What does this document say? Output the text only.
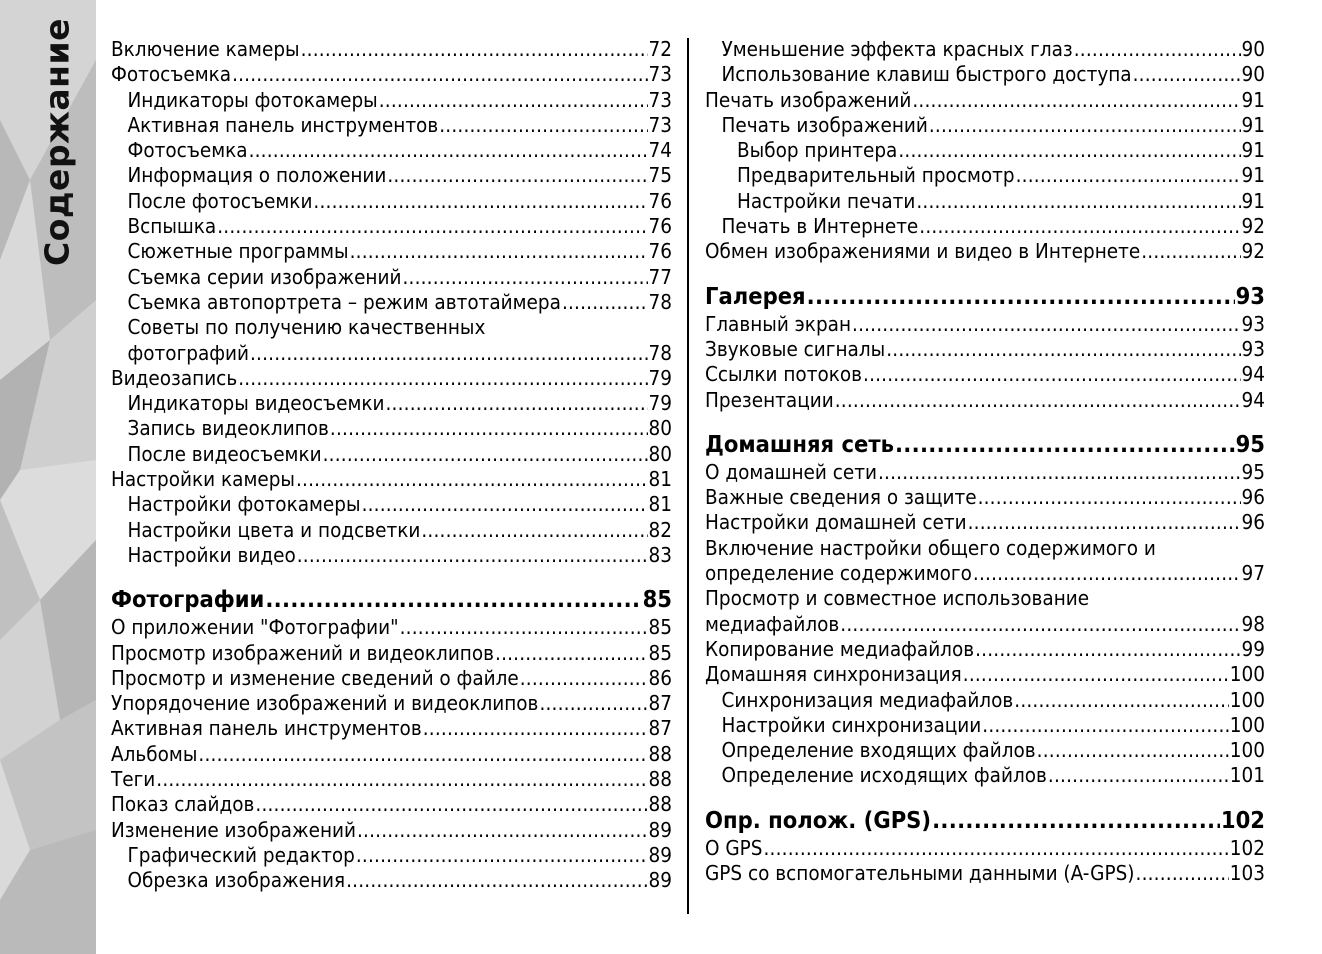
Содержание Включение камеры .....	72
Фотосъемка .....	73
Индикаторы фотокамеры .....	73
Активная панель инструментов .....	73
Фотосъемка .....	74
Информация о положении .....	75
После фотосъемки .....	76
Вспышка .....	76
Сюжетные программы .....	76
Съемка серии изображений .....	77
Съемка автопортрета – режим автотаймера .....	78
Советы по получению качественных
фотографий .....	78
Видеозапись .....	79
Индикаторы видеосъемки .....	79
Запись видеоклипов .....	80
После видеосъемки .....	80
Настройки камеры .....	81
Настройки фотокамеры .....	81
Настройки цвета и подсветки .....	82
Настройки видео .....	83
Фотографии .....	85
О приложении "Фотографии" .....	85
Просмотр изображений и видеоклипов .....	85
Просмотр и изменение сведений о файле .....	86
Упорядочение изображений и видеоклипов .....	87
Активная панель инструментов .....	87
Альбомы .....	88
Теги .....	88
Показ слайдов .....	88
Изменение изображений .....	89
Графический редактор .....	89
Обрезка изображения .....	89
Уменьшение эффекта красных глаз .....	90
Использование клавиш быстрого доступа .....	90
Печать изображений .....	91
Печать изображений .....	91
Выбор принтера .....	91
Предварительный просмотр .....	91
Настройки печати .....	91
Печать в Интернете .....	92
Обмен изображениями и видео в Интернете .....	92
Галерея .....	93
Главный экран .....	93
Звуковые сигналы .....	93
Ссылки потоков .....	94
Презентации .....	94
Домашняя сеть .....	95
О домашней сети .....	95
Важные сведения о защите .....	96
Настройки домашней сети .....	96
Включение настройки общего содержимого и
определение содержимого .....	97
Просмотр и совместное использование
медиафайлов .....	98
Копирование медиафайлов .....	99
Домашняя синхронизация .....	100
Синхронизация медиафайлов .....	100
Настройки синхронизации .....	100
Определение входящих файлов .....	100
Определение исходящих файлов .....	101
Опр. полож. (GPS) .....	102
О GPS .....	102
GPS со вспомогательными данными (A-GPS) .....	103
